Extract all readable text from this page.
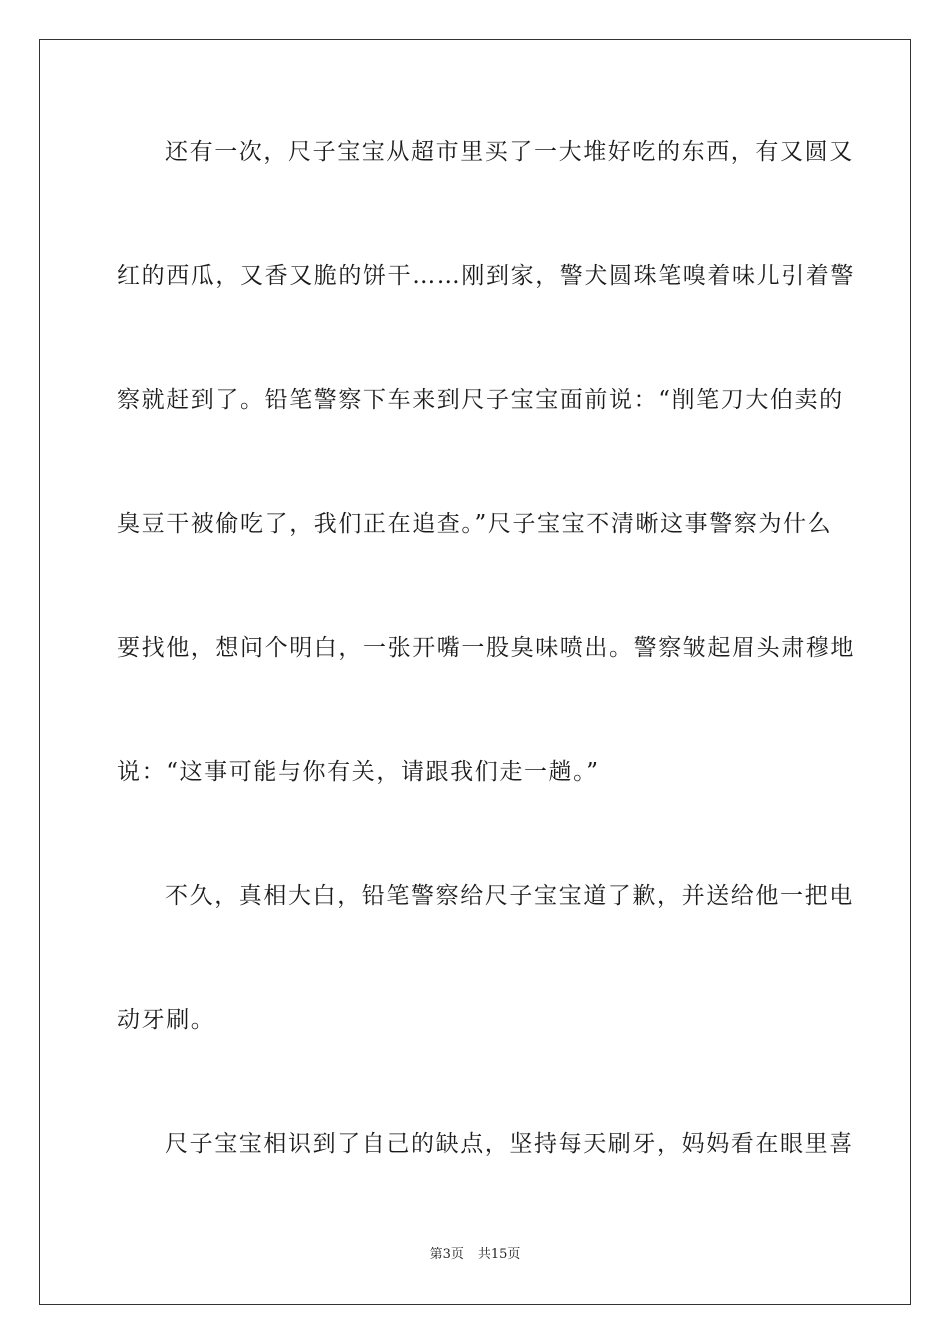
还有一次，尺子宝宝从超市里买了一大堆好吃的东西，有又圆又
红的西瓜，又香又脆的饼干……刚到家，警犬圆珠笔嗅着味儿引着警
察就赶到了。铅笔警察下车来到尺子宝宝面前说：“削笔刀大伯卖的
臭豆干被偷吃了，我们正在追查。”尺子宝宝不清晰这事警察为什么
要找他，想问个明白，一张开嘴一股臭味喷出。警察皱起眉头肃穆地
说：“这事可能与你有关，请跟我们走一趟。”
不久，真相大白，铅笔警察给尺子宝宝道了歉，并送给他一把电
动牙刷。
尺子宝宝相识到了自己的缺点，坚持每天刷牙，妈妈看在眼里喜
第3页 共15页
